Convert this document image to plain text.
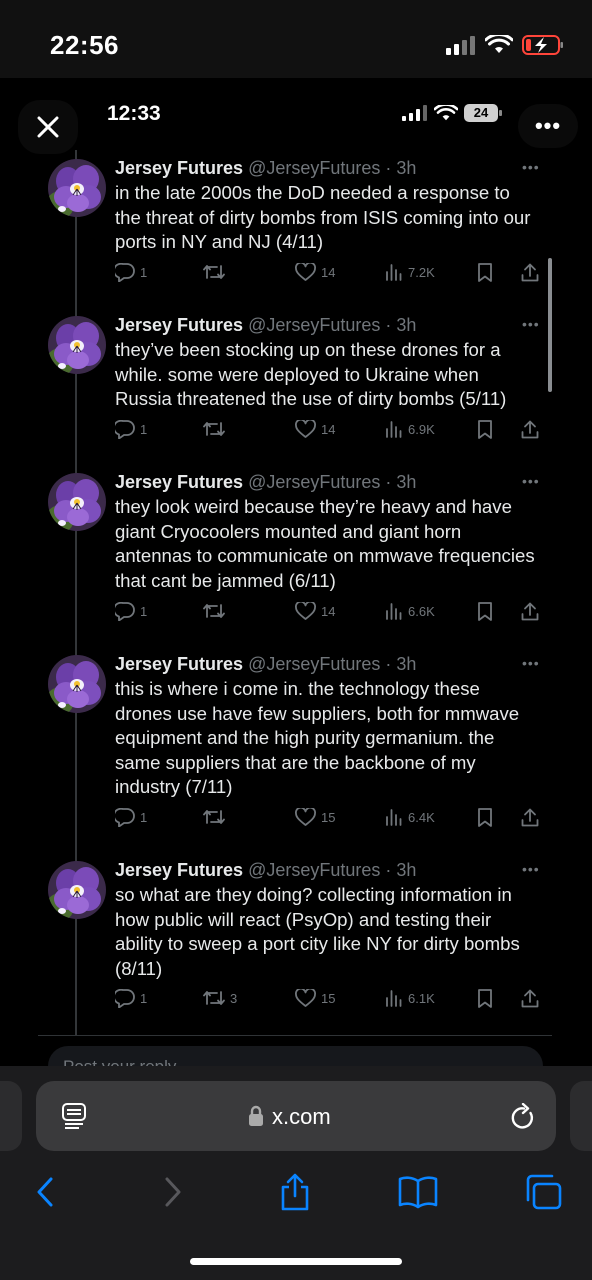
22:56
12:33	24
•••
Jersey Futures @JerseyFutures · 3h
in the late 2000s the DoD needed a response to the threat of dirty bombs from ISIS coming into our ports in NY and NJ (4/11)
•••
1	14	7.2K
Jersey Futures @JerseyFutures · 3h
they’ve been stocking up on these drones for a while. some were deployed to Ukraine when Russia threatened the use of dirty bombs (5/11)
•••
1	14	6.9K
Jersey Futures @JerseyFutures · 3h
they look weird because they’re heavy and have giant Cryocoolers mounted and giant horn antennas to communicate on mmwave frequencies that cant be jammed (6/11)
•••
1	14	6.6K
Jersey Futures @JerseyFutures · 3h
this is where i come in. the technology these drones use have few suppliers, both for mmwave equipment and the high purity germanium. the same suppliers that are the backbone of my industry (7/11)
•••
1	15	6.4K
Jersey Futures @JerseyFutures · 3h
so what are they doing? collecting information in how public will react (PsyOp) and testing their ability to sweep a port city like NY for dirty bombs (8/11)
•••
1	3	15	6.1K
x.com
